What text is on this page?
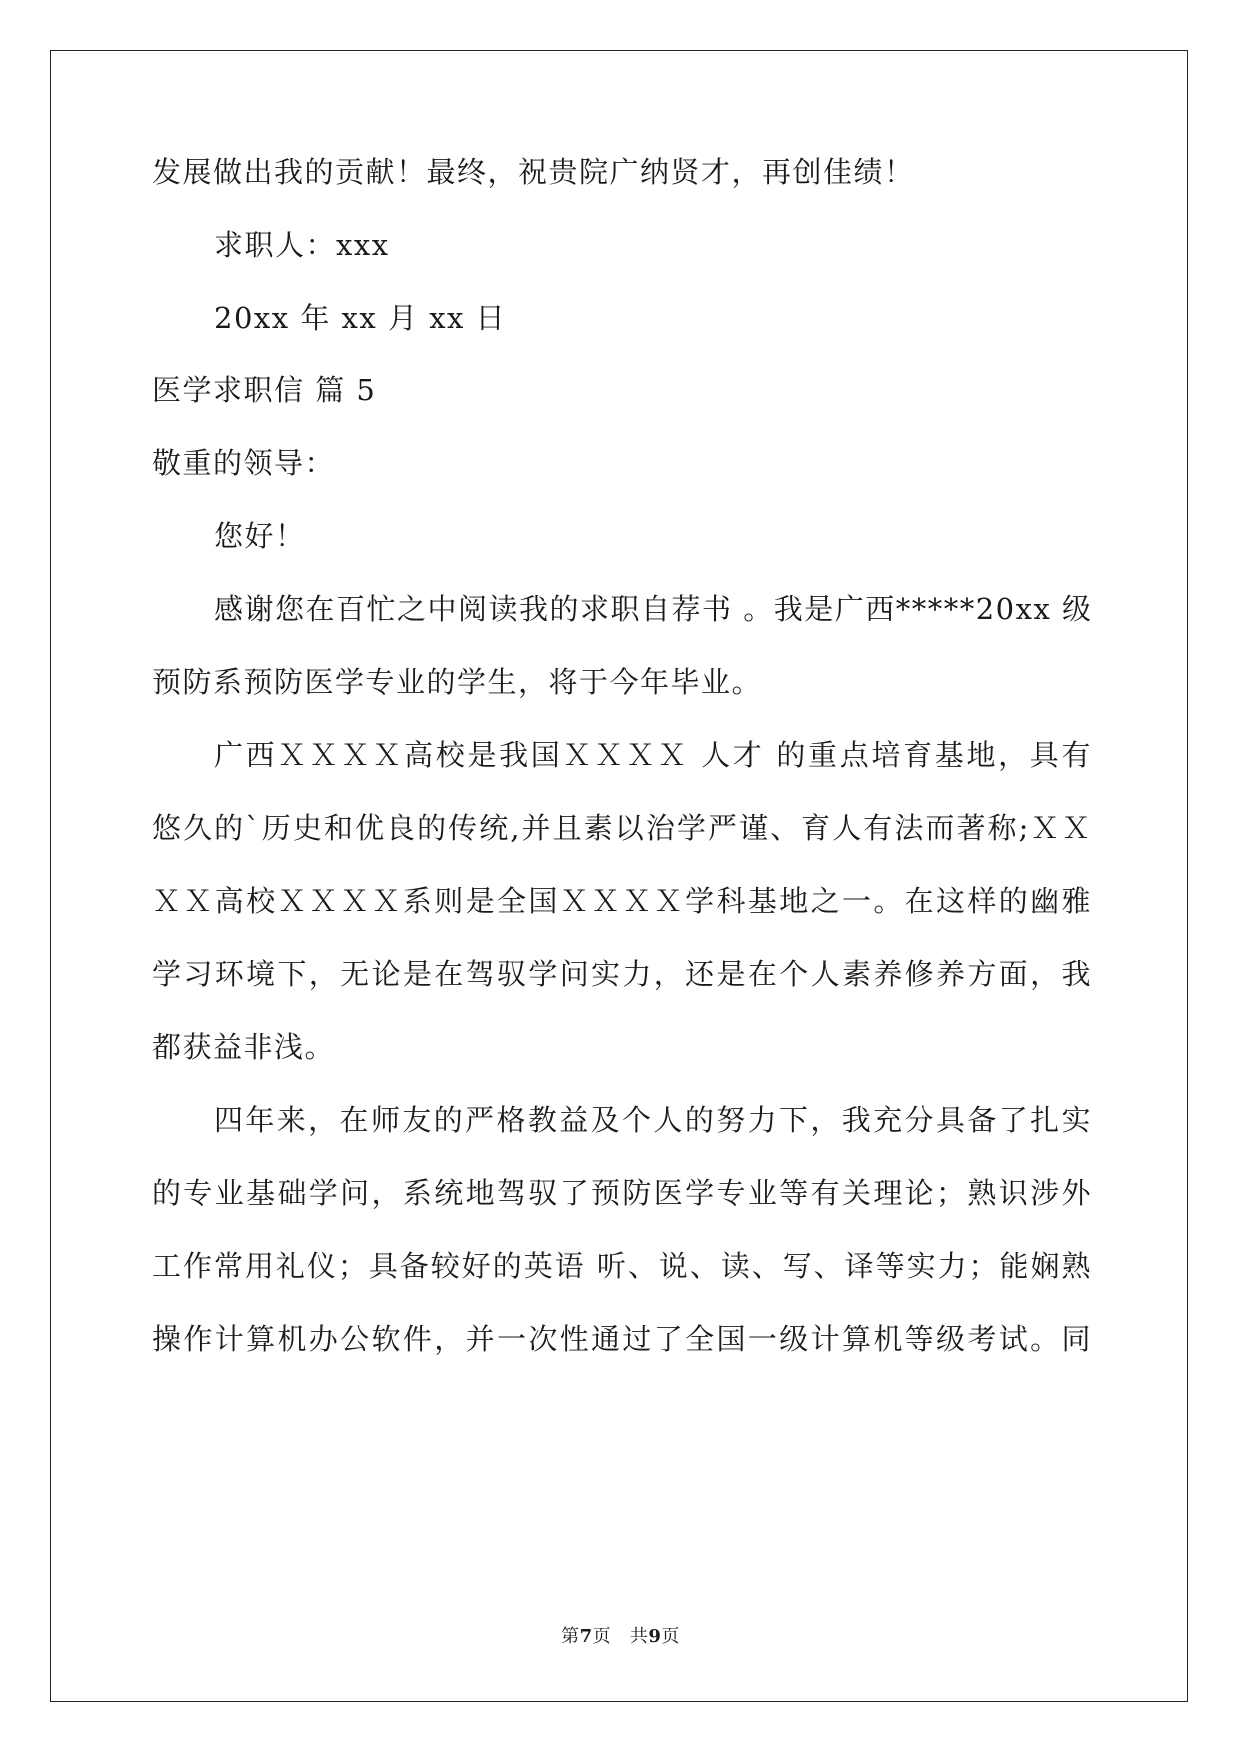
发展做出我的贡献！最终，祝贵院广纳贤才，再创佳绩！
求职人：xxx
20xx 年 xx 月 xx 日
医学求职信 篇 5
敬重的领导：
您好！
感谢您在百忙之中阅读我的求职自荐书 。我是广西*****20xx 级
预防系预防医学专业的学生，将于今年毕业。
广西ＸＸＸＸ高校是我国ＸＸＸＸ 人才 的重点培育基地，具有
悠久的`历史和优良的传统,并且素以治学严谨、育人有法而著称;ＸＸ
ＸＸ高校ＸＸＸＸ系则是全国ＸＸＸＸ学科基地之一。在这样的幽雅
学习环境下，无论是在驾驭学问实力，还是在个人素养修养方面，我
都获益非浅。
四年来，在师友的严格教益及个人的努力下，我充分具备了扎实
的专业基础学问，系统地驾驭了预防医学专业等有关理论；熟识涉外
工作常用礼仪；具备较好的英语 听、说、读、写、译等实力；能娴熟
操作计算机办公软件，并一次性通过了全国一级计算机等级考试。同
第7页   共9页
